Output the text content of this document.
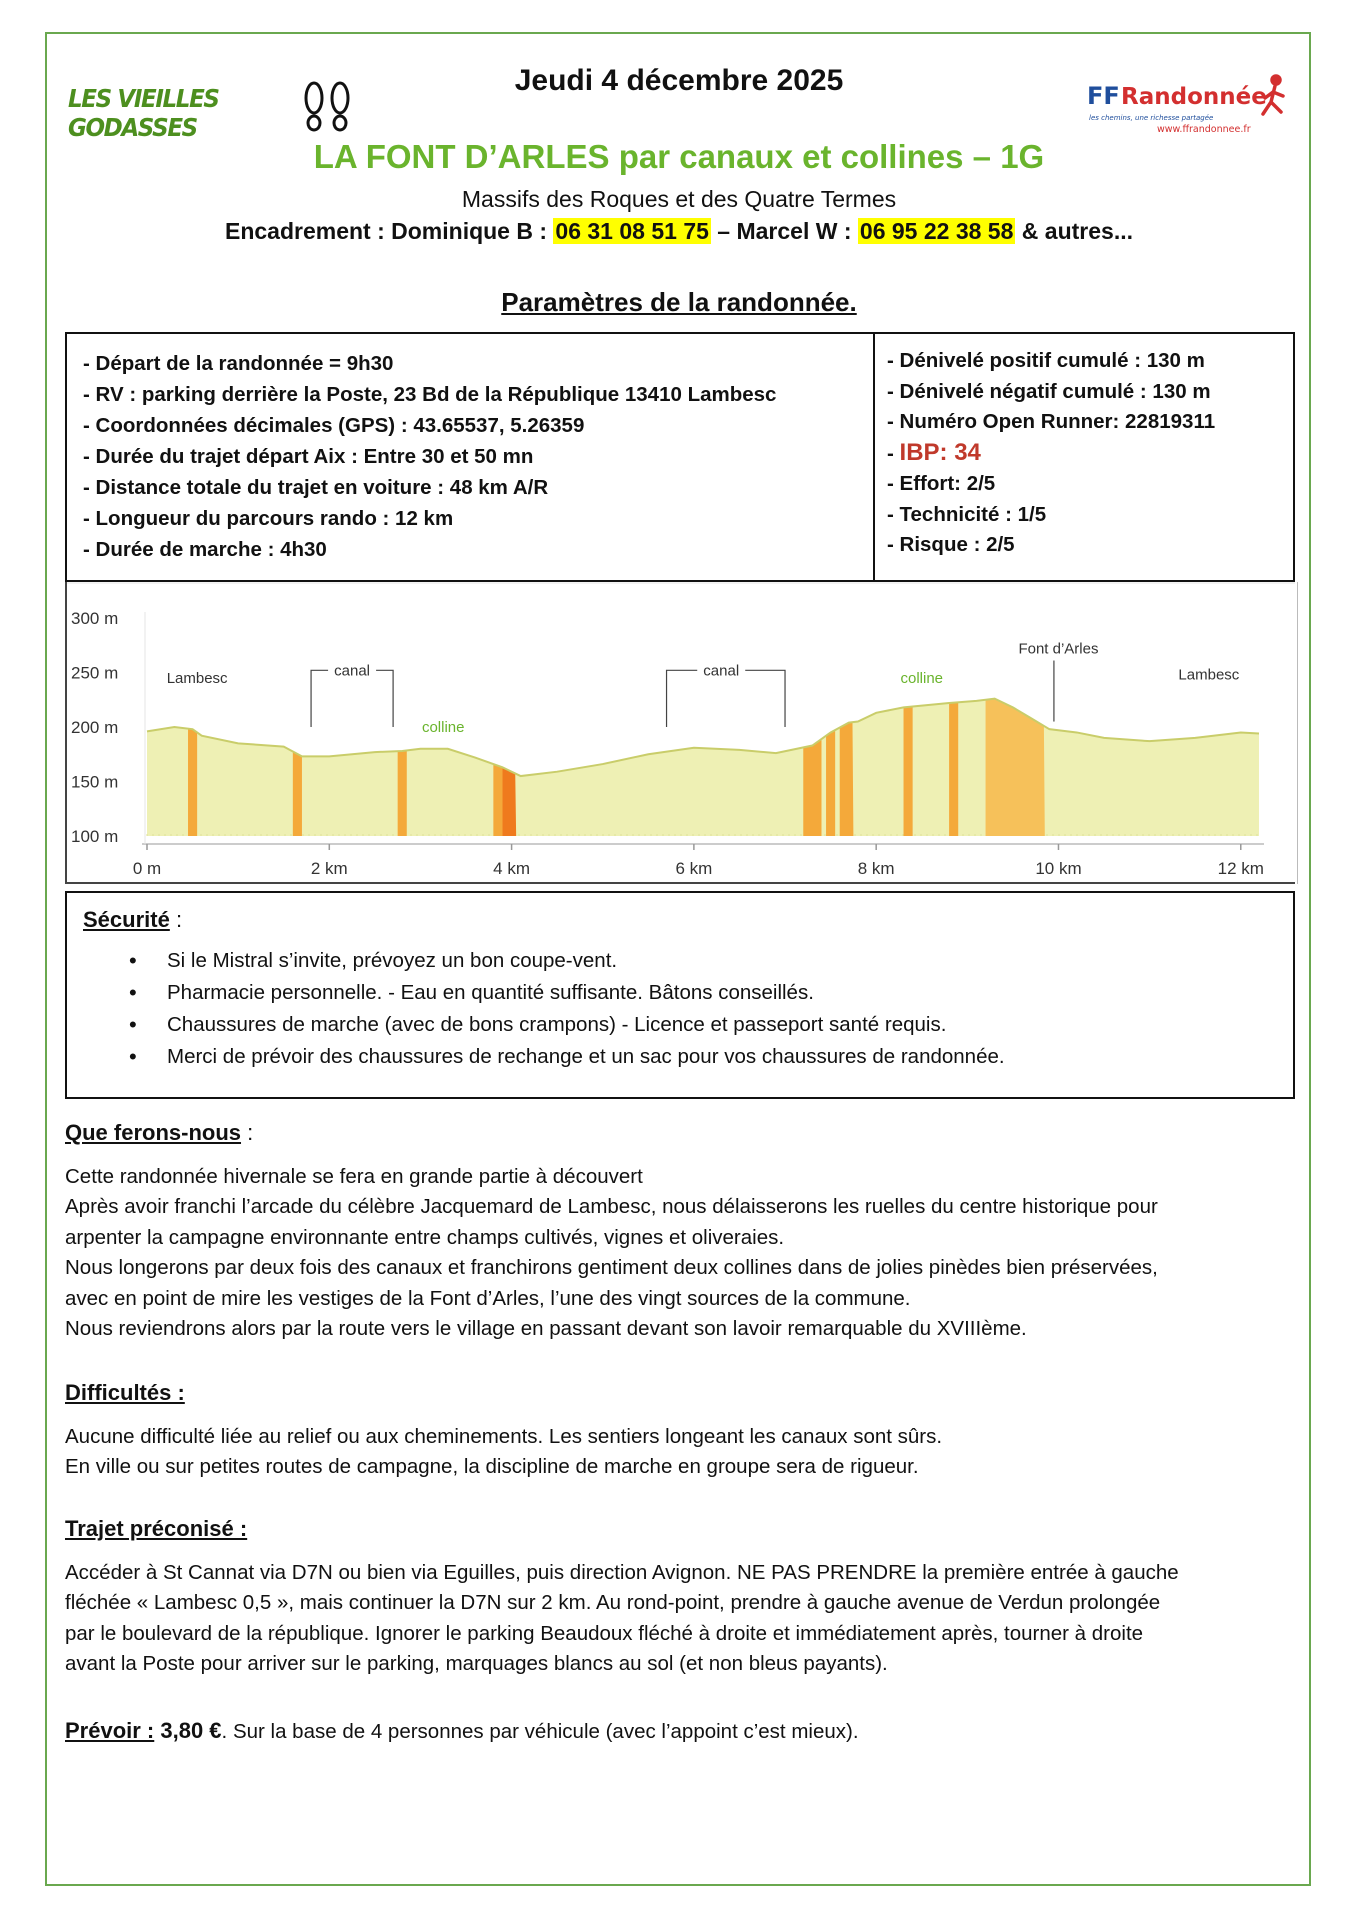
LES VIEILLES GODASSES
Jeudi 4 décembre 2025	FF Randonnée
les chemins, une richesse partagée
www.ffrandonnee.fr
LA FONT D’ARLES par canaux et collines – 1G
Massifs des Roques et des Quatre Termes
Encadrement : Dominique B : 06 31 08 51 75 – Marcel W : 06 95 22 38 58 & autres...
Paramètres de la randonnée.
- Départ de la randonnée = 9h30
- RV : parking derrière la Poste, 23 Bd de la République 13410 Lambesc
- Coordonnées décimales (GPS) : 43.65537, 5.26359
- Durée du trajet départ Aix : Entre 30 et 50 mn
- Distance totale du trajet en voiture : 48 km A/R
- Longueur du parcours rando : 12 km
- Durée de marche : 4h30
- Dénivelé positif cumulé : 130 m
- Dénivelé négatif cumulé : 130 m
- Numéro Open Runner: 22819311
- IBP: 34
- Effort: 2/5
- Technicité : 1/5
- Risque : 2/5
0 m	2 km	4 km	6 km	8 km	10 km	12 km
100 m
150 m
200 m
250 m
300 m
Lambesc	canal
colline
canal	colline
Font d’Arles
Lambesc
Sécurité :
• Si le Mistral s’invite, prévoyez un bon coupe-vent.
• Pharmacie personnelle. - Eau en quantité suffisante. Bâtons conseillés.
• Chaussures de marche (avec de bons crampons) - Licence et passeport santé requis.
• Merci de prévoir des chaussures de rechange et un sac pour vos chaussures de randonnée.
Que ferons-nous :

Cette randonnée hivernale se fera en grande partie à découvert

Après avoir franchi l’arcade du célèbre Jacquemard de Lambesc, nous délaisserons les ruelles du centre historique pour

arpenter la campagne environnante entre champs cultivés, vignes et oliveraies.

Nous longerons par deux fois des canaux et franchirons gentiment deux collines dans de jolies pinèdes bien préservées,

avec en point de mire les vestiges de la Font d’Arles, l’une des vingt sources de la commune.

Nous reviendrons alors par la route vers le village en passant devant son lavoir remarquable du XVIIIème.

Difficultés :

Aucune difficulté liée au relief ou aux cheminements. Les sentiers longeant les canaux sont sûrs.

En ville ou sur petites routes de campagne, la discipline de marche en groupe sera de rigueur.

Trajet préconisé :

Accéder à St Cannat via D7N ou bien via Eguilles, puis direction Avignon. NE PAS PRENDRE la première entrée à gauche

fléchée « Lambesc 0,5 », mais continuer la D7N sur 2 km. Au rond-point, prendre à gauche avenue de Verdun prolongée

par le boulevard de la république. Ignorer le parking Beaudoux fléché à droite et immédiatement après, tourner à droite

avant la Poste pour arriver sur le parking, marquages blancs au sol (et non bleus payants).

Prévoir : 3,80 €. Sur la base de 4 personnes par véhicule (avec l’appoint c’est mieux).
